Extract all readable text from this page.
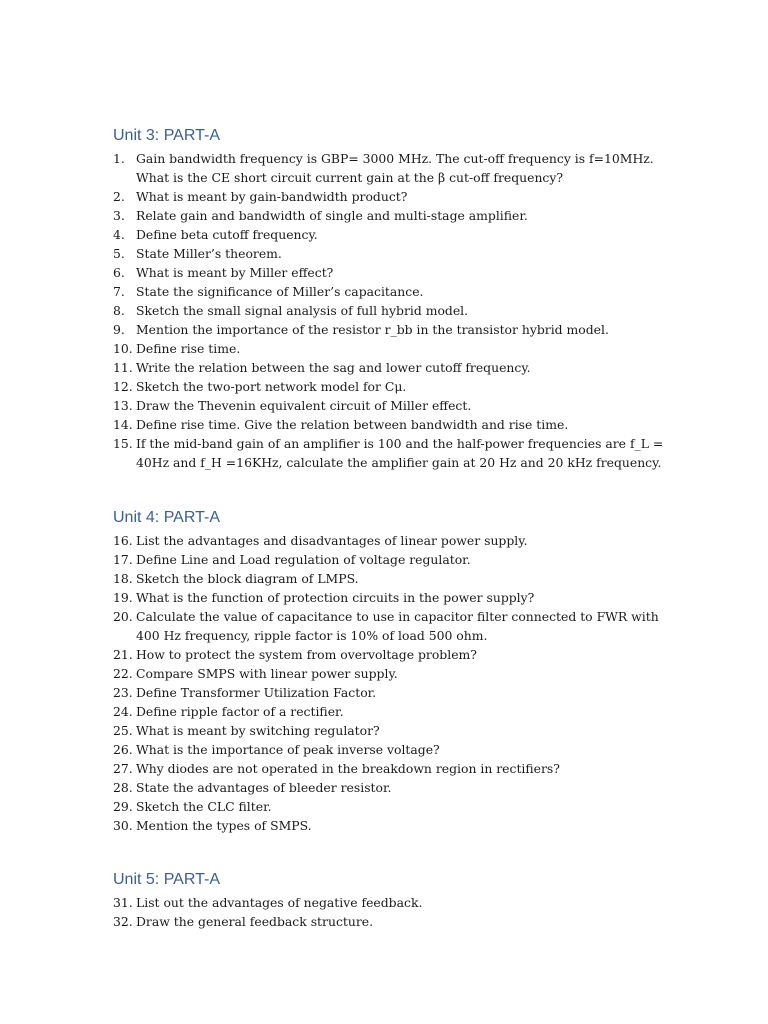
Unit 3: PART-A
1. Gain bandwidth frequency is GBP= 3000 MHz. The cut-off frequency is f=10MHz. What is the CE short circuit current gain at the β cut-off frequency?
2. What is meant by gain-bandwidth product?
3. Relate gain and bandwidth of single and multi-stage amplifier.
4. Define beta cutoff frequency.
5. State Miller’s theorem.
6. What is meant by Miller effect?
7. State the significance of Miller’s capacitance.
8. Sketch the small signal analysis of full hybrid model.
9. Mention the importance of the resistor r_bb in the transistor hybrid model.
10. Define rise time.
11. Write the relation between the sag and lower cutoff frequency.
12. Sketch the two-port network model for Cμ.
13. Draw the Thevenin equivalent circuit of Miller effect.
14. Define rise time. Give the relation between bandwidth and rise time.
15. If the mid-band gain of an amplifier is 100 and the half-power frequencies are f_L = 40Hz and f_H =16KHz, calculate the amplifier gain at 20 Hz and 20 kHz frequency.
Unit 4: PART-A
16. List the advantages and disadvantages of linear power supply.
17. Define Line and Load regulation of voltage regulator.
18. Sketch the block diagram of LMPS.
19. What is the function of protection circuits in the power supply?
20. Calculate the value of capacitance to use in capacitor filter connected to FWR with 400 Hz frequency, ripple factor is 10% of load 500 ohm.
21. How to protect the system from overvoltage problem?
22. Compare SMPS with linear power supply.
23. Define Transformer Utilization Factor.
24. Define ripple factor of a rectifier.
25. What is meant by switching regulator?
26. What is the importance of peak inverse voltage?
27. Why diodes are not operated in the breakdown region in rectifiers?
28. State the advantages of bleeder resistor.
29. Sketch the CLC filter.
30. Mention the types of SMPS.
Unit 5: PART-A
31. List out the advantages of negative feedback.
32. Draw the general feedback structure.
